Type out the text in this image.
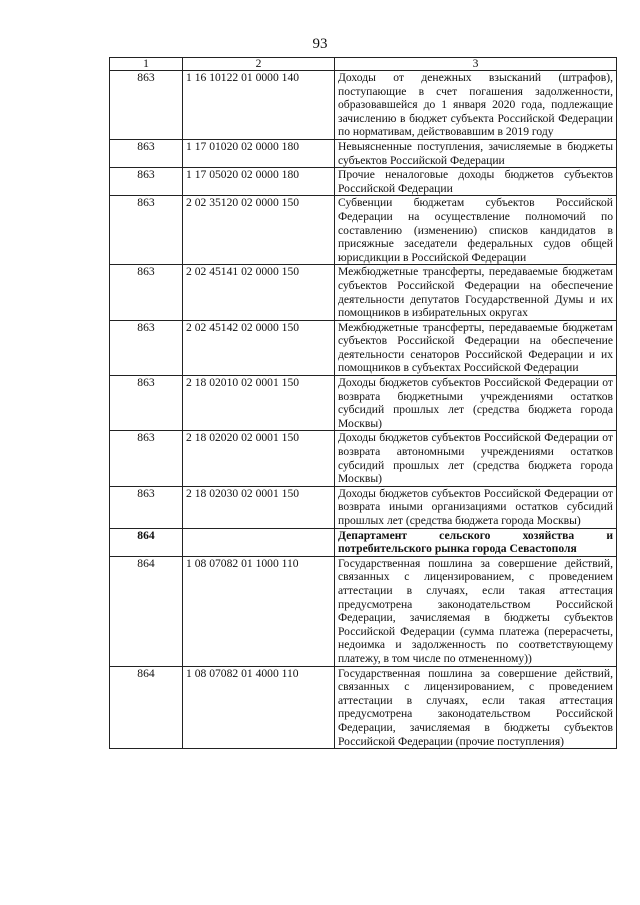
93
1	2	3
863	1 16 10122 01 0000 140	Доходы от денежных взысканий (штрафов), поступающие в счет погашения задолженности, образовавшейся до 1 января 2020 года, подлежащие зачислению в бюджет субъекта Российской Федерации по нормативам, действовавшим в 2019 году
863	1 17 01020 02 0000 180	Невыясненные поступления, зачисляемые в бюджеты субъектов Российской Федерации
863	1 17 05020 02 0000 180	Прочие неналоговые доходы бюджетов субъектов Российской Федерации
863	2 02 35120 02 0000 150	Субвенции бюджетам субъектов Российской Федерации на осуществление полномочий по составлению (изменению) списков кандидатов в присяжные заседатели федеральных судов общей юрисдикции в Российской Федерации
863	2 02 45141 02 0000 150	Межбюджетные трансферты, передаваемые бюджетам субъектов Российской Федерации на обеспечение деятельности депутатов Государственной Думы и их помощников в избирательных округах
863	2 02 45142 02 0000 150	Межбюджетные трансферты, передаваемые бюджетам субъектов Российской Федерации на обеспечение деятельности сенаторов Российской Федерации и их помощников в субъектах Российской Федерации
863	2 18 02010 02 0001 150	Доходы бюджетов субъектов Российской Федерации от возврата бюджетными учреждениями остатков субсидий прошлых лет (средства бюджета города Москвы)
863	2 18 02020 02 0001 150	Доходы бюджетов субъектов Российской Федерации от возврата автономными учреждениями остатков субсидий прошлых лет (средства бюджета города Москвы)
863	2 18 02030 02 0001 150	Доходы бюджетов субъектов Российской Федерации от возврата иными организациями остатков субсидий прошлых лет (средства бюджета города Москвы)
864		Департамент сельского хозяйства и потребительского рынка города Севастополя
864	1 08 07082 01 1000 110	Государственная пошлина за совершение действий, связанных с лицензированием, с проведением аттестации в случаях, если такая аттестация предусмотрена законодательством Российской Федерации, зачисляемая в бюджеты субъектов Российской Федерации (сумма платежа (перерасчеты, недоимка и задолженность по соответствующему платежу, в том числе по отмененному))
864	1 08 07082 01 4000 110	Государственная пошлина за совершение действий, связанных с лицензированием, с проведением аттестации в случаях, если такая аттестация предусмотрена законодательством Российской Федерации, зачисляемая в бюджеты субъектов Российской Федерации (прочие поступления)
